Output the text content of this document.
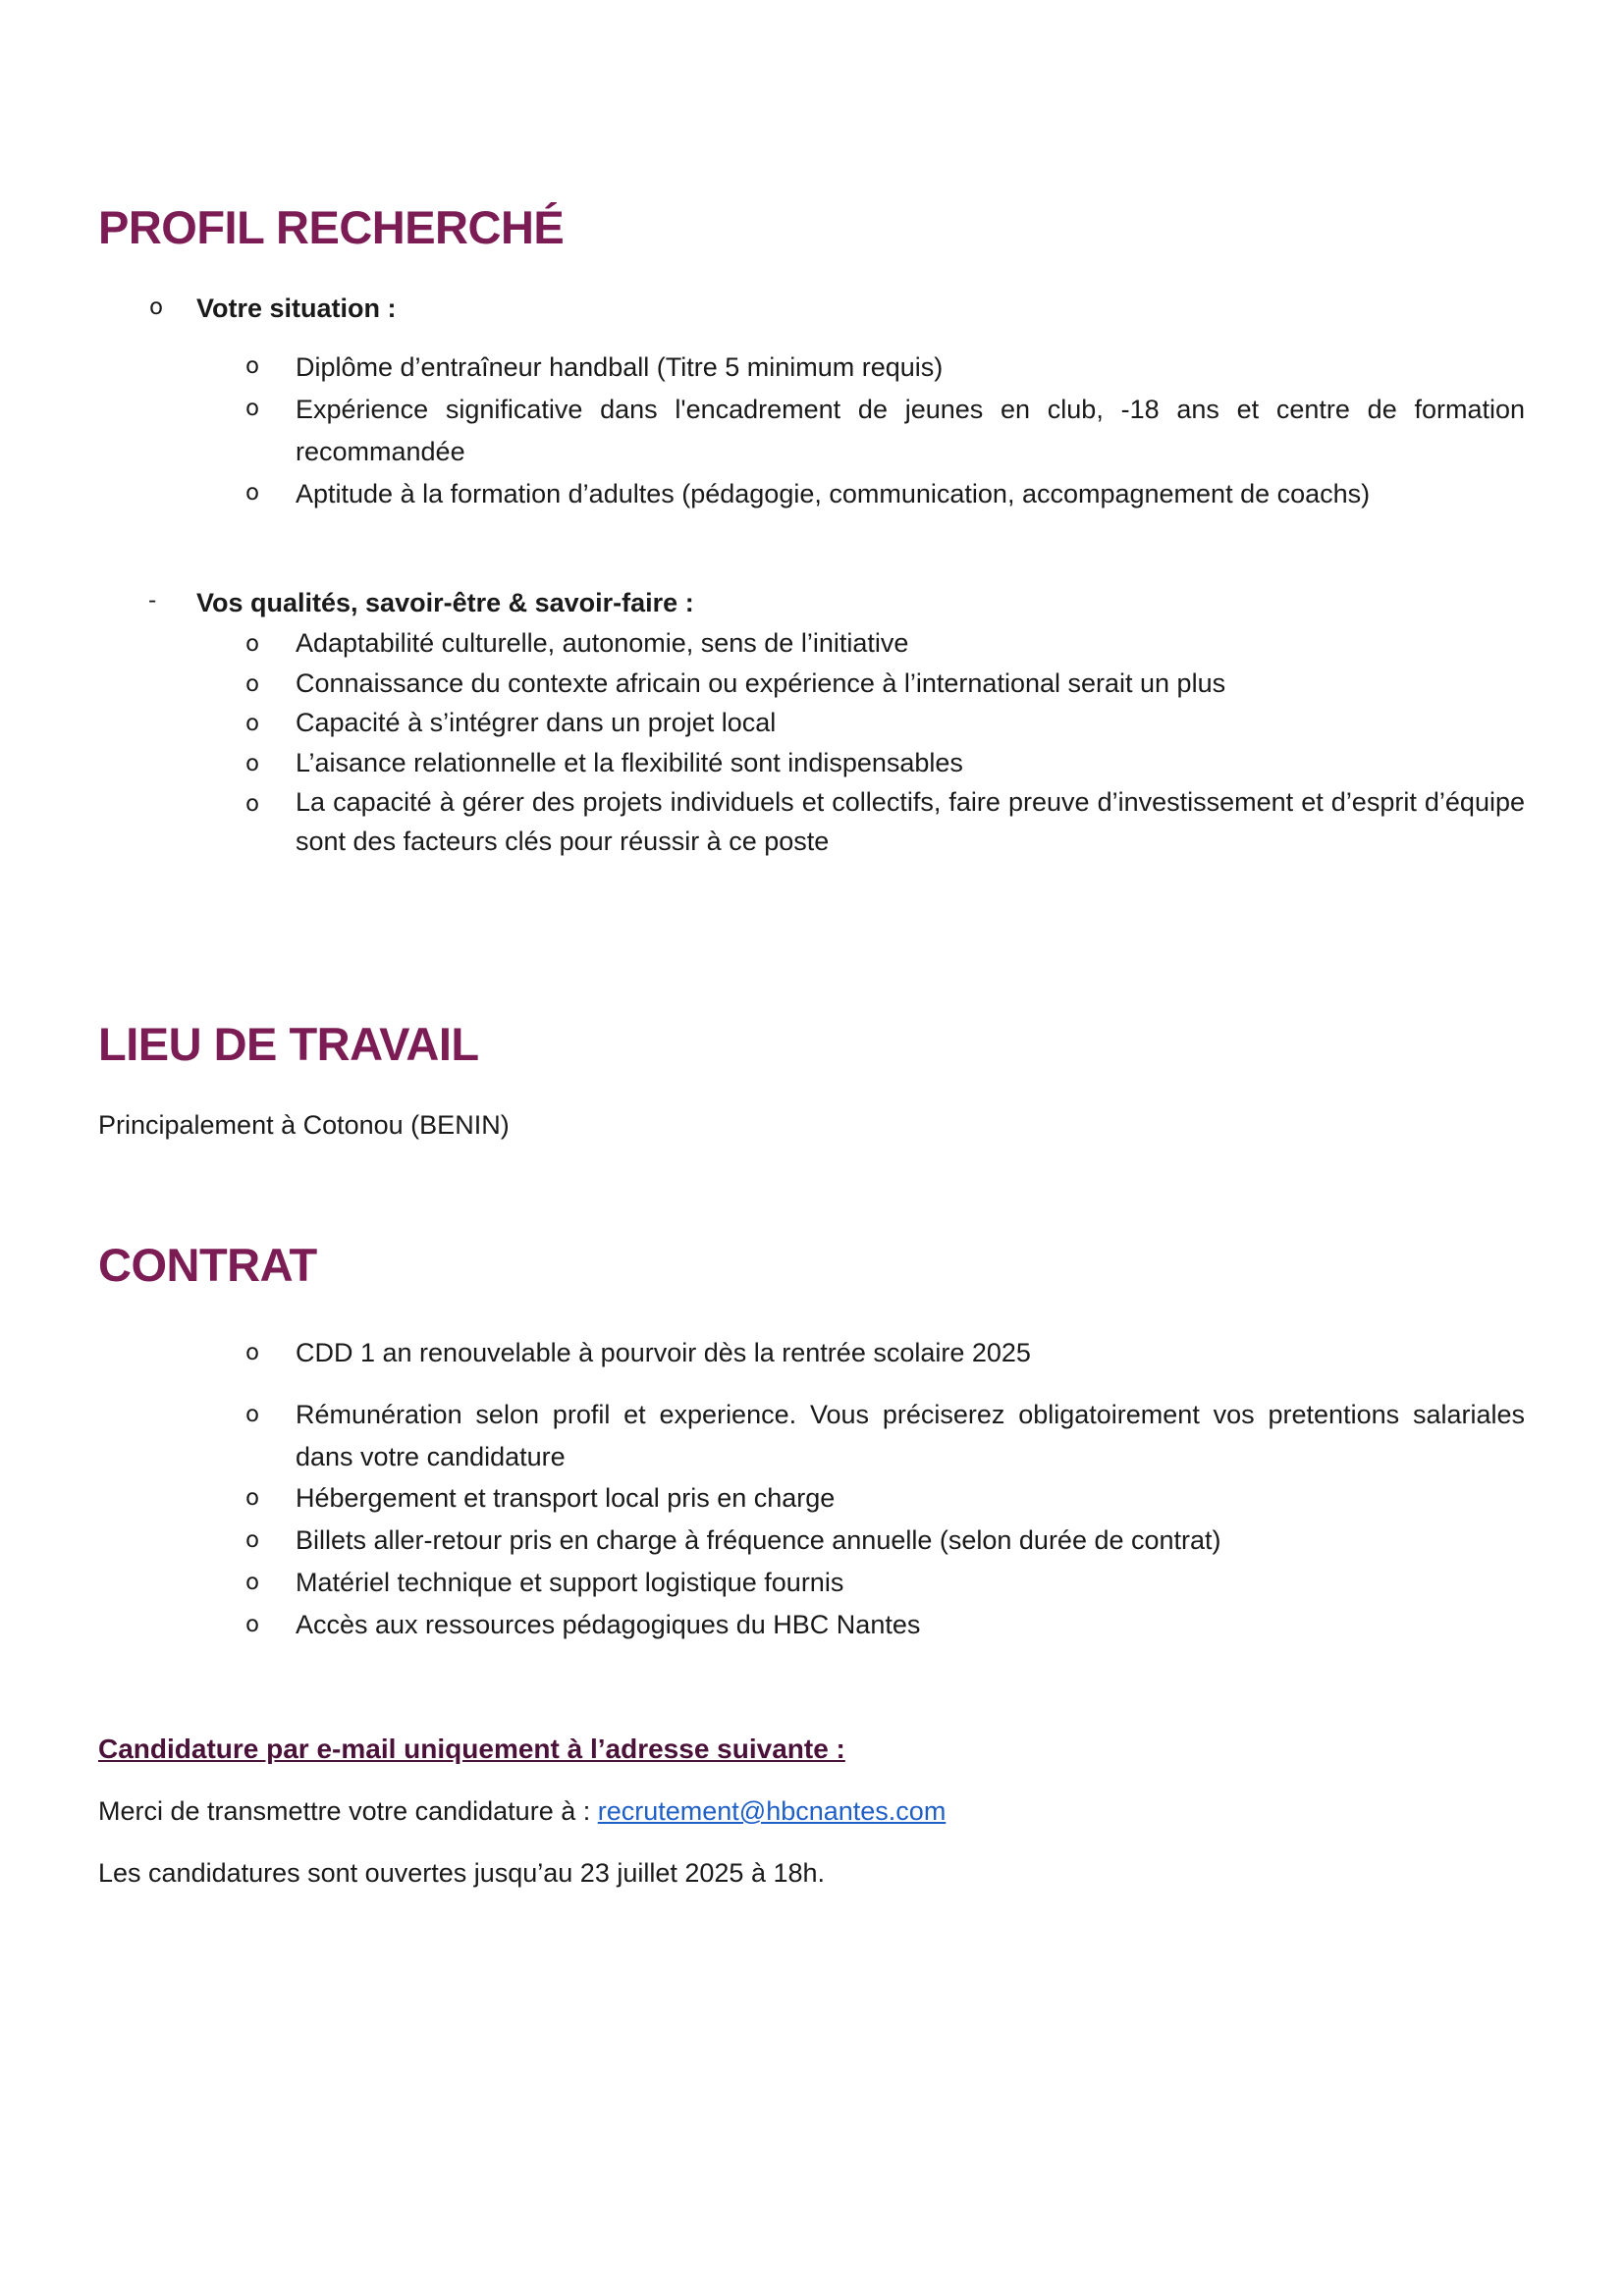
PROFIL RECHERCHÉ
o Votre situation :
o Diplôme d’entraîneur handball (Titre 5 minimum requis)
o Expérience significative dans l'encadrement de jeunes en club, -18 ans et centre de formation recommandée
o Aptitude à la formation d’adultes (pédagogie, communication, accompagnement de coachs)
- Vos qualités, savoir-être & savoir-faire :
o Adaptabilité culturelle, autonomie, sens de l’initiative
o Connaissance du contexte africain ou expérience à l’international serait un plus
o Capacité à s’intégrer dans un projet local
o L’aisance relationnelle et la flexibilité sont indispensables
o La capacité à gérer des projets individuels et collectifs, faire preuve d’investissement et d’esprit d’équipe sont des facteurs clés pour réussir à ce poste
LIEU DE TRAVAIL
Principalement à Cotonou (BENIN)
CONTRAT
o CDD 1 an renouvelable à pourvoir dès la rentrée scolaire 2025
o Rémunération selon profil et experience. Vous préciserez obligatoirement vos pretentions salariales dans votre candidature
o Hébergement et transport local pris en charge
o Billets aller-retour pris en charge à fréquence annuelle (selon durée de contrat)
o Matériel technique et support logistique fournis
o Accès aux ressources pédagogiques du HBC Nantes
Candidature par e-mail uniquement à l’adresse suivante :
Merci de transmettre votre candidature à : recrutement@hbcnantes.com
Les candidatures sont ouvertes jusqu’au 23 juillet 2025 à 18h.
